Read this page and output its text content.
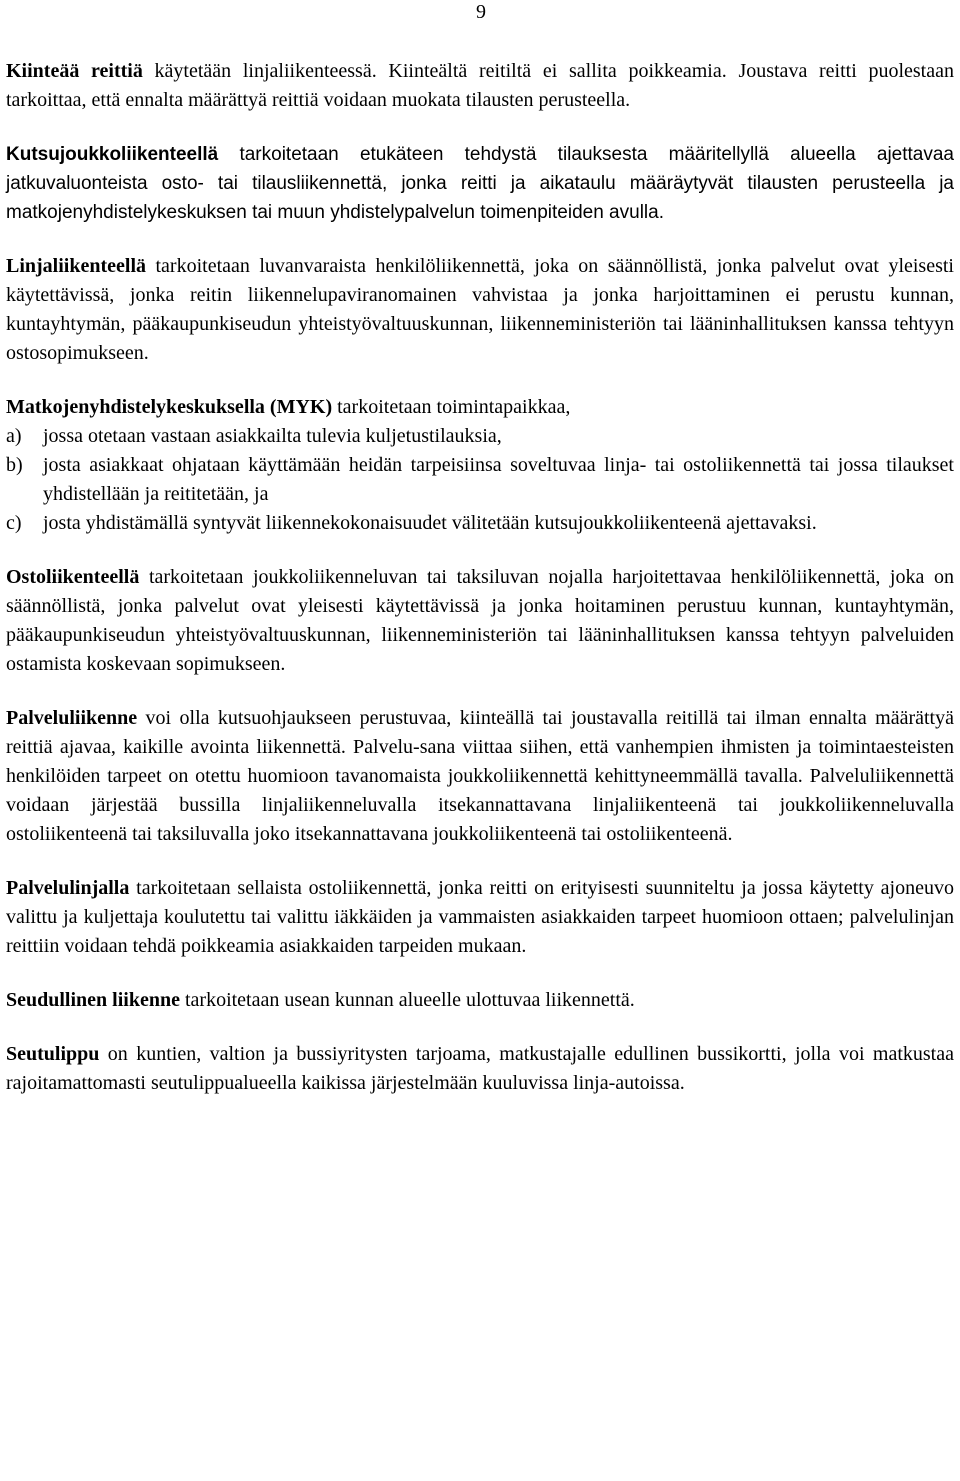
9

Kiinteää reittiä käytetään linjaliikenteessä. Kiinteältä reitiltä ei sallita poikkeamia. Joustava reitti puolestaan tarkoittaa, että ennalta määrättyä reittiä voidaan muokata tilausten perusteella.

Kutsujoukkoliikenteellä tarkoitetaan etukäteen tehdystä tilauksesta määritellyllä alueella ajettavaa jatkuvaluonteista osto- tai tilausliikennettä, jonka reitti ja aikataulu määräytyvät tilausten perusteella ja matkojenyhdistelykeskuksen tai muun yhdistelypalvelun toimenpiteiden avulla.

Linjaliikenteellä tarkoitetaan luvanvaraista henkilöliikennettä, joka on säännöllistä, jonka palvelut ovat yleisesti käytettävissä, jonka reitin liikennelupaviranomainen vahvistaa ja jonka harjoittaminen ei perustu kunnan, kuntayhtymän, pääkaupunkiseudun yhteistyövaltuuskunnan, liikenneministeriön tai lääninhallituksen kanssa tehtyyn ostosopimukseen.

Matkojenyhdistelykeskuksella (MYK) tarkoitetaan toimintapaikkaa,

a)	jossa otetaan vastaan asiakkailta tulevia kuljetustilauksia,
b)	josta asiakkaat ohjataan käyttämään heidän tarpeisiinsa soveltuvaa linja- tai ostoliikennettä tai jossa tilaukset yhdistellään ja reititetään, ja
c)	josta yhdistämällä syntyvät liikennekokonaisuudet välitetään kutsujoukkoliikenteenä ajettavaksi.

Ostoliikenteellä tarkoitetaan joukkoliikenneluvan tai taksiluvan nojalla harjoitettavaa henkilöliikennettä, joka on säännöllistä, jonka palvelut ovat yleisesti käytettävissä ja jonka hoitaminen perustuu kunnan, kuntayhtymän, pääkaupunkiseudun yhteistyövaltuuskunnan, liikenneministeriön tai lääninhallituksen kanssa tehtyyn palveluiden ostamista koskevaan sopimukseen.

Palveluliikenne voi olla kutsuohjaukseen perustuvaa, kiinteällä tai joustavalla reitillä tai ilman ennalta määrättyä reittiä ajavaa, kaikille avointa liikennettä. Palvelu-sana viittaa siihen, että vanhempien ihmisten ja toimintaesteisten henkilöiden tarpeet on otettu huomioon tavanomaista joukkoliikennettä kehittyneemmällä tavalla. Palveluliikennettä voidaan järjestää bussilla linjaliikenneluvalla itsekannattavana linjaliikenteenä tai joukkoliikenneluvalla ostoliikenteenä tai taksiluvalla joko itsekannattavana joukkoliikenteenä tai ostoliikenteenä.

Palvelulinjalla tarkoitetaan sellaista ostoliikennettä, jonka reitti on erityisesti suunniteltu ja jossa käytetty ajoneuvo valittu ja kuljettaja koulutettu tai valittu iäkkäiden ja vammaisten asiakkaiden tarpeet huomioon ottaen; palvelulinjan reittiin voidaan tehdä poikkeamia asiakkaiden tarpeiden mukaan.

Seudullinen liikenne tarkoitetaan usean kunnan alueelle ulottuvaa liikennettä.

Seutulippu on kuntien, valtion ja bussiyritysten tarjoama, matkustajalle edullinen bussikortti, jolla voi matkustaa rajoitamattomasti seutulippualueella kaikissa järjestelmään kuuluvissa linja-autoissa.
